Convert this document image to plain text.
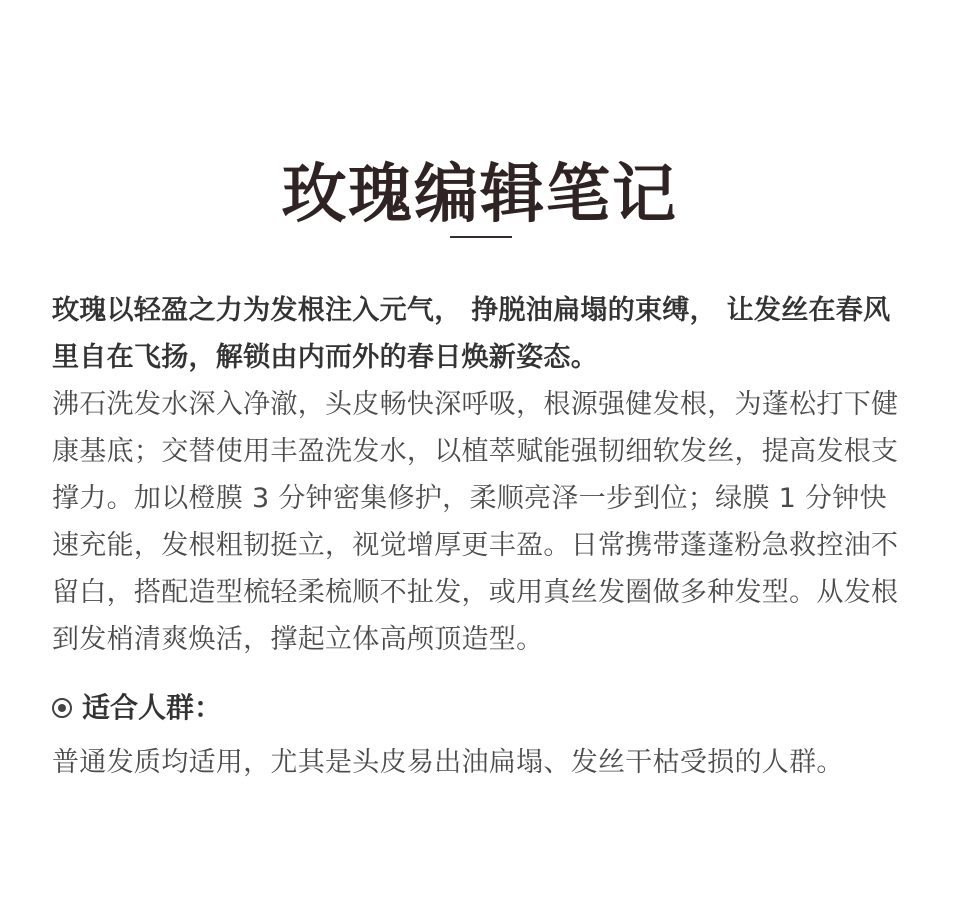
玫瑰编辑笔记

玫瑰以轻盈之力为发根注入元气， 挣脱油扁塌的束缚， 让发丝在春风里自在飞扬，解锁由内而外的春日焕新姿态。

沸石洗发水深入净澈，头皮畅快深呼吸，根源强健发根，为蓬松打下健康基底；交替使用丰盈洗发水，以植萃赋能强韧细软发丝，提高发根支撑力。加以橙膜 3 分钟密集修护，柔顺亮泽一步到位；绿膜 1 分钟快速充能，发根粗韧挺立，视觉增厚更丰盈。日常携带蓬蓬粉急救控油不留白，搭配造型梳轻柔梳顺不扯发，或用真丝发圈做多种发型。从发根到发梢清爽焕活，撑起立体高颅顶造型。

适合人群：

普通发质均适用，尤其是头皮易出油扁塌、发丝干枯受损的人群。
